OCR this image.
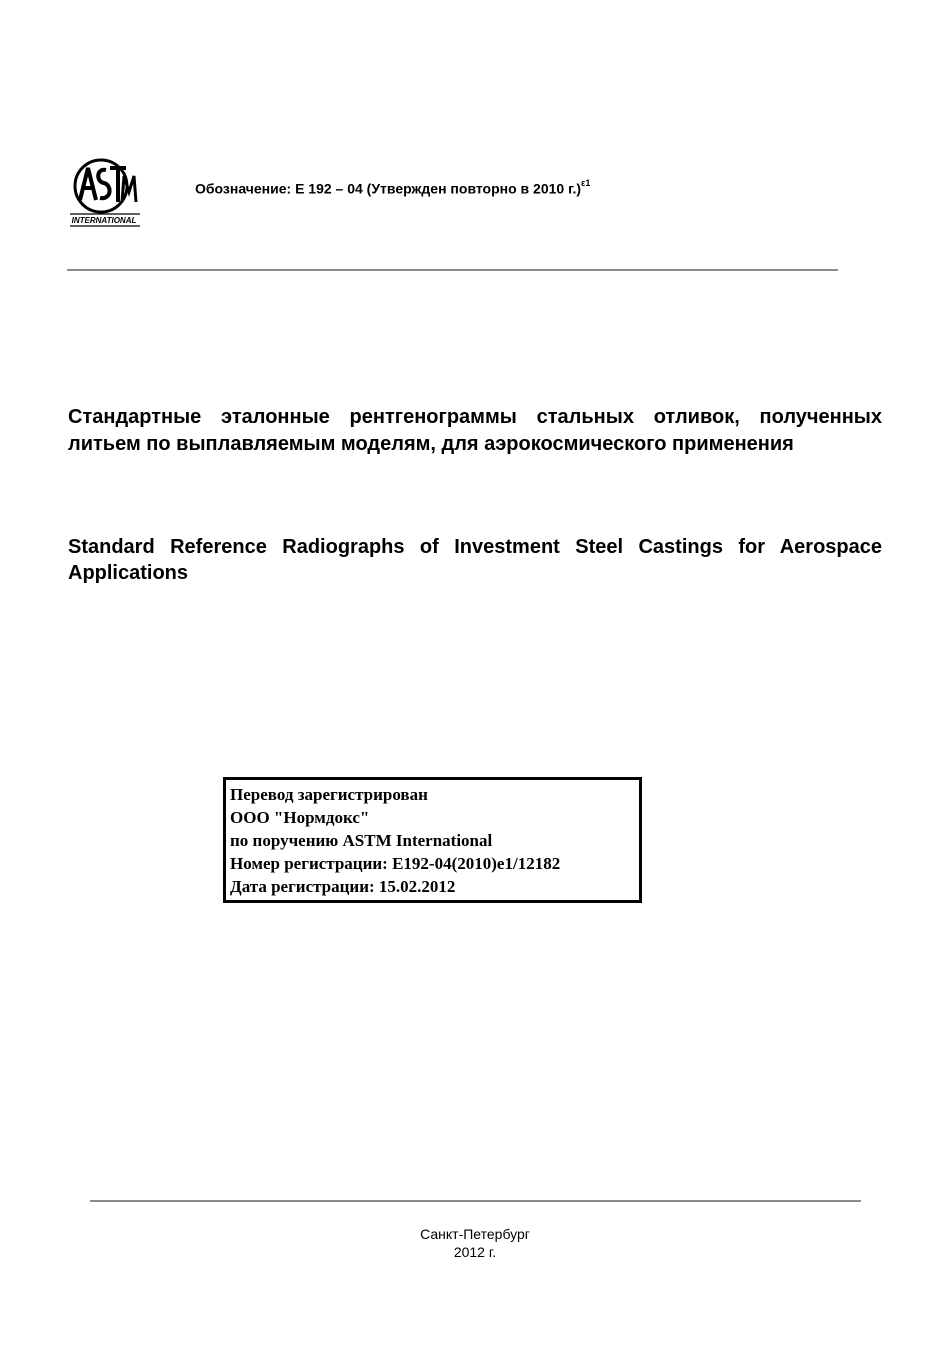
INTERNATIONAL
Обозначение: E 192 – 04 (Утвержден повторно в 2010 г.)$^{\varepsilon 1}$

Стандартные эталонные рентгенограммы стальных отливок, полученных литьем по выплавляемым моделям, для аэрокосмического применения

Standard Reference Radiographs of Investment Steel Castings for Aerospace Applications

Перевод зарегистрирован
ООО "Нормдокс"
по поручению ASTM International
Номер регистрации: E192-04(2010)e1/12182
Дата регистрации: 15.02.2012
Санкт-Петербург
2012 г.
